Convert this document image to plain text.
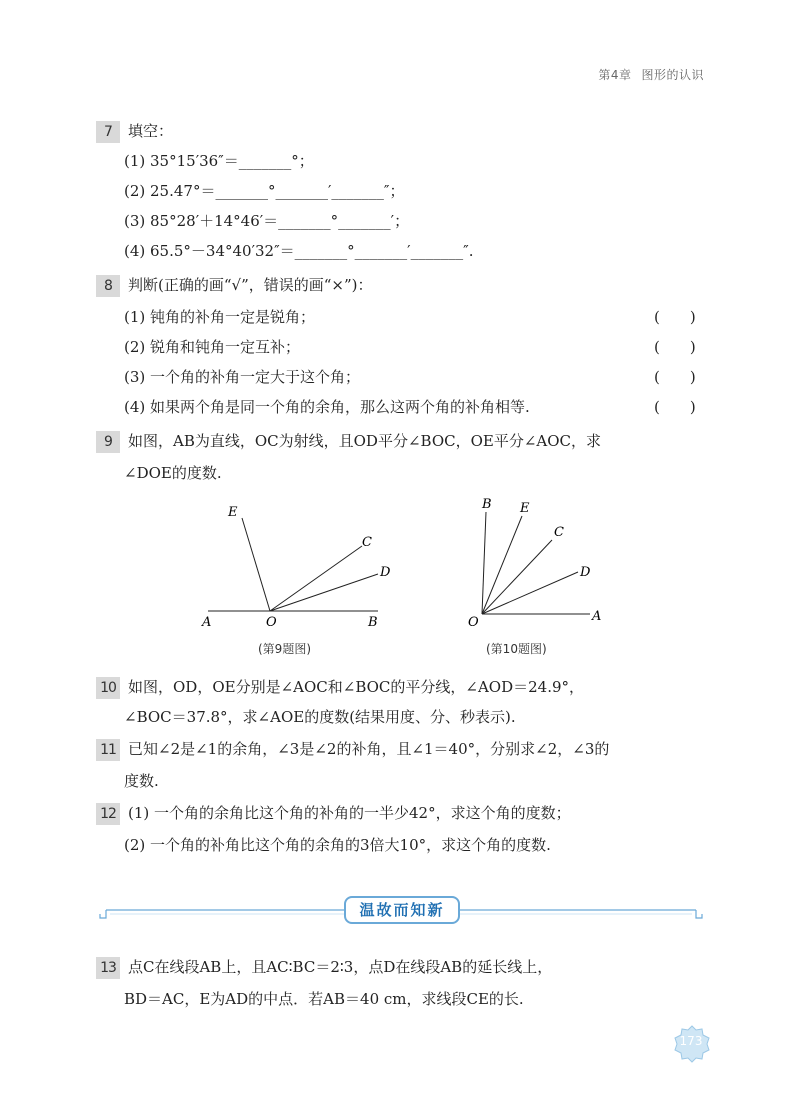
第4章 图形的认识
7 填空：
(1) 35°15′36″＝_______°；
(2) 25.47°＝_______°_______′_______″；
(3) 85°28′＋14°46′＝_______°_______′；
(4) 65.5°－34°40′32″＝_______°_______′_______″.
8 判断(正确的画“√”，错误的画“×”)：
(1) 钝角的补角一定是锐角；	(　　)
(2) 锐角和钝角一定互补；	(　　)
(3) 一个角的补角一定大于这个角；	(　　)
(4) 如果两个角是同一个角的余角，那么这两个角的补角相等.	(　　)
9 如图，AB为直线，OC为射线，且OD平分∠BOC，OE平分∠AOC，求
∠DOE的度数.
E
C
D
A	O	B
(第9题图)
B E
C
D
O	A
(第10题图)
10 如图，OD，OE分别是∠AOC和∠BOC的平分线，∠AOD＝24.9°，
∠BOC＝37.8°，求∠AOE的度数(结果用度、分、秒表示).
11 已知∠2是∠1的余角，∠3是∠2的补角，且∠1＝40°，分别求∠2，∠3的
度数.
12 (1) 一个角的余角比这个角的补角的一半少42°，求这个角的度数；
(2) 一个角的补角比这个角的余角的3倍大10°，求这个角的度数.
温故而知新
13 点C在线段AB上，且AC∶BC＝2∶3，点D在线段AB的延长线上，
BD＝AC，E为AD的中点．若AB＝40 cm，求线段CE的长.
173
